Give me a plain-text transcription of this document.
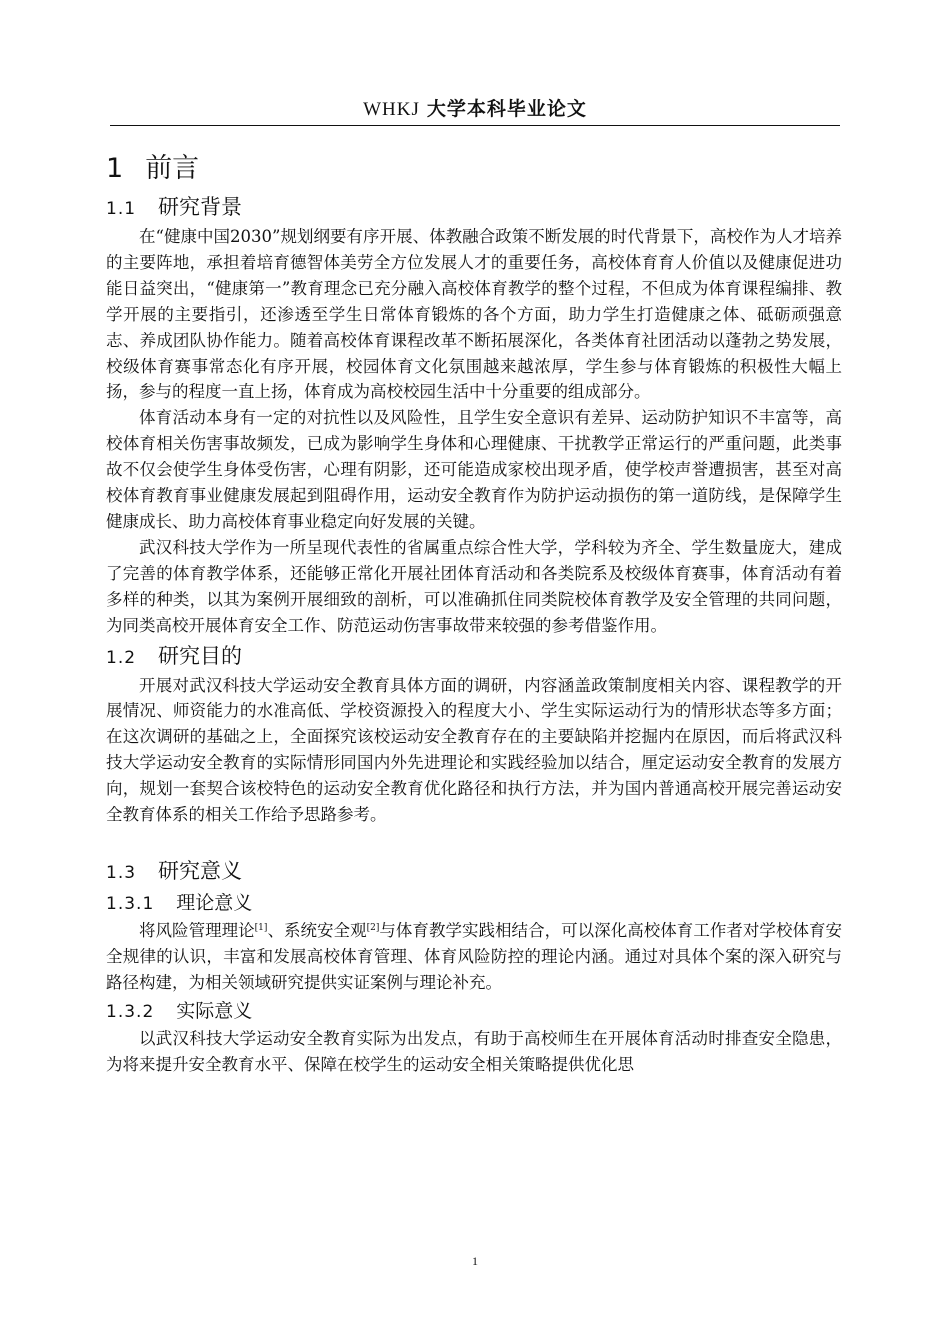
WHKJ 大学本科毕业论文
1 前言
1.1 研究背景

在“健康中国2030”规划纲要有序开展、体教融合政策不断发展的时代背景下，高校作为人才培养的主要阵地，承担着培育德智体美劳全方位发展人才的重要任务，高校体育育人价值以及健康促进功能日益突出，“健康第一”教育理念已充分融入高校体育教学的整个过程，不但成为体育课程编排、教学开展的主要指引，还渗透至学生日常体育锻炼的各个方面，助力学生打造健康之体、砥砺顽强意志、养成团队协作能力。随着高校体育课程改革不断拓展深化，各类体育社团活动以蓬勃之势发展，校级体育赛事常态化有序开展，校园体育文化氛围越来越浓厚，学生参与体育锻炼的积极性大幅上扬，参与的程度一直上扬，体育成为高校校园生活中十分重要的组成部分。

体育活动本身有一定的对抗性以及风险性，且学生安全意识有差异、运动防护知识不丰富等，高校体育相关伤害事故频发，已成为影响学生身体和心理健康、干扰教学正常运行的严重问题，此类事故不仅会使学生身体受伤害，心理有阴影，还可能造成家校出现矛盾，使学校声誉遭损害，甚至对高校体育教育事业健康发展起到阻碍作用，运动安全教育作为防护运动损伤的第一道防线，是保障学生健康成长、助力高校体育事业稳定向好发展的关键。

武汉科技大学作为一所呈现代表性的省属重点综合性大学，学科较为齐全、学生数量庞大，建成了完善的体育教学体系，还能够正常化开展社团体育活动和各类院系及校级体育赛事，体育活动有着多样的种类，以其为案例开展细致的剖析，可以准确抓住同类院校体育教学及安全管理的共同问题，为同类高校开展体育安全工作、防范运动伤害事故带来较强的参考借鉴作用。

1.2 研究目的

开展对武汉科技大学运动安全教育具体方面的调研，内容涵盖政策制度相关内容、课程教学的开展情况、师资能力的水准高低、学校资源投入的程度大小、学生实际运动行为的情形状态等多方面；在这次调研的基础之上，全面探究该校运动安全教育存在的主要缺陷并挖掘内在原因，而后将武汉科技大学运动安全教育的实际情形同国内外先进理论和实践经验加以结合，厘定运动安全教育的发展方向，规划一套契合该校特色的运动安全教育优化路径和执行方法，并为国内普通高校开展完善运动安全教育体系的相关工作给予思路参考。

1.3 研究意义
1.3.1 理论意义

将风险管理理论[1]、系统安全观[2]与体育教学实践相结合，可以深化高校体育工作者对学校体育安全规律的认识，丰富和发展高校体育管理、体育风险防控的理论内涵。通过对具体个案的深入研究与路径构建，为相关领域研究提供实证案例与理论补充。

1.3.2 实际意义

以武汉科技大学运动安全教育实际为出发点，有助于高校师生在开展体育活动时排查安全隐患，为将来提升安全教育水平、保障在校学生的运动安全相关策略提供优化思

1
